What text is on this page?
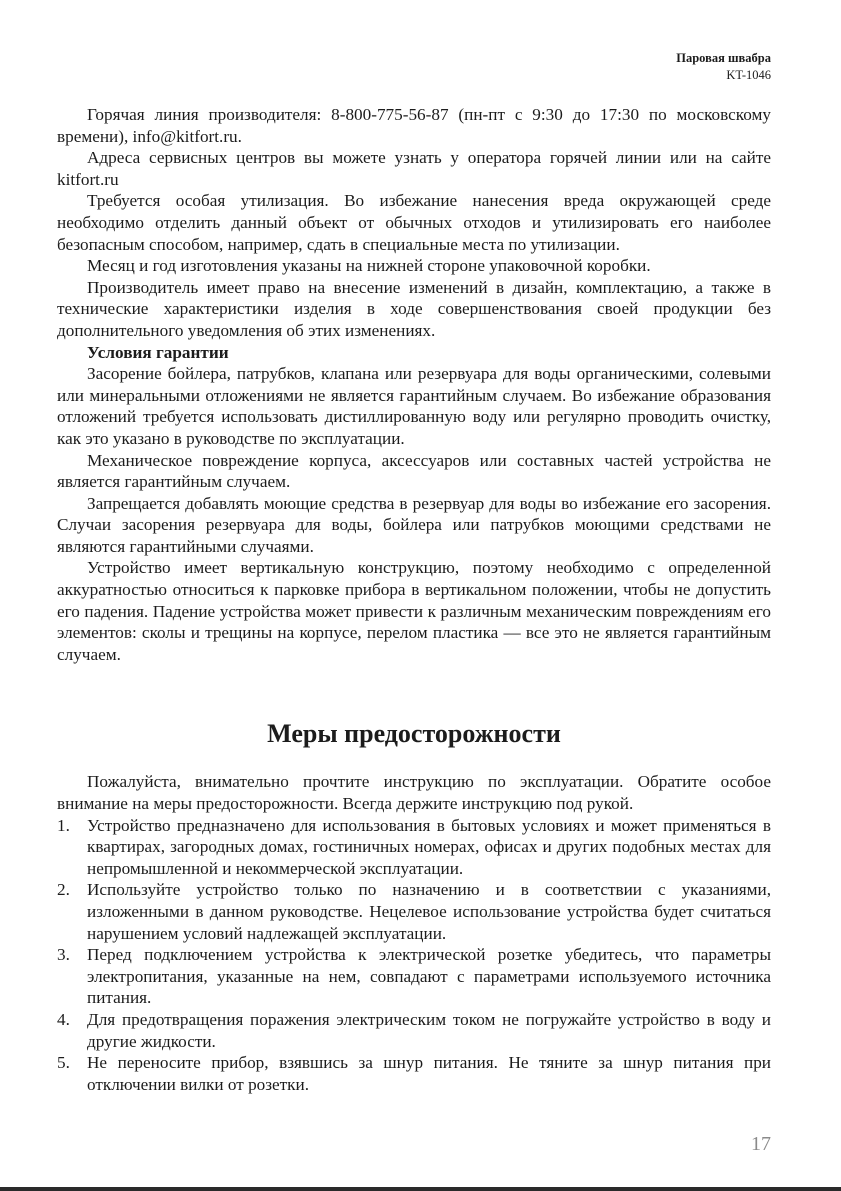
Паровая швабра
KT-1046

Горячая линия производителя: 8-800-775-56-87 (пн-пт с 9:30 до 17:30 по московскому времени), info@kitfort.ru.

Адреса сервисных центров вы можете узнать у оператора горячей линии или на сайте kitfort.ru

Требуется особая утилизация. Во избежание нанесения вреда окружающей среде необходимо отделить данный объект от обычных отходов и утилизировать его наиболее безопасным способом, например, сдать в специальные места по утилизации.

Месяц и год изготовления указаны на нижней стороне упаковочной коробки.

Производитель имеет право на внесение изменений в дизайн, комплектацию, а также в технические характеристики изделия в ходе совершенствования своей продукции без дополнительного уведомления об этих изменениях.

Условия гарантии

Засорение бойлера, патрубков, клапана или резервуара для воды органическими, солевыми или минеральными отложениями не является гарантийным случаем. Во избежание образования отложений требуется использовать дистиллированную воду или регулярно проводить очистку, как это указано в руководстве по эксплуатации.

Механическое повреждение корпуса, аксессуаров или составных частей устройства не является гарантийным случаем.

Запрещается добавлять моющие средства в резервуар для воды во избежание его засорения. Случаи засорения резервуара для воды, бойлера или патрубков моющими средствами не являются гарантийными случаями.

Устройство имеет вертикальную конструкцию, поэтому необходимо с определенной аккуратностью относиться к парковке прибора в вертикальном положении, чтобы не допустить его падения. Падение устройства может привести к различным механическим повреждениям его элементов: сколы и трещины на корпусе, перелом пластика — все это не является гарантийным случаем.

Меры предосторожности

Пожалуйста, внимательно прочтите инструкцию по эксплуатации. Обратите особое внимание на меры предосторожности. Всегда держите инструкцию под рукой.

1. Устройство предназначено для использования в бытовых условиях и может применяться в квартирах, загородных домах, гостиничных номерах, офисах и других подобных местах для непромышленной и некоммерческой эксплуатации.
2. Используйте устройство только по назначению и в соответствии с указаниями, изложенными в данном руководстве. Нецелевое использование устройства будет считаться нарушением условий надлежащей эксплуатации.
3. Перед подключением устройства к электрической розетке убедитесь, что параметры электропитания, указанные на нем, совпадают с параметрами используемого источника питания.
4. Для предотвращения поражения электрическим током не погружайте устройство в воду и другие жидкости.
5. Не переносите прибор, взявшись за шнур питания. Не тяните за шнур питания при отключении вилки от розетки.
17
